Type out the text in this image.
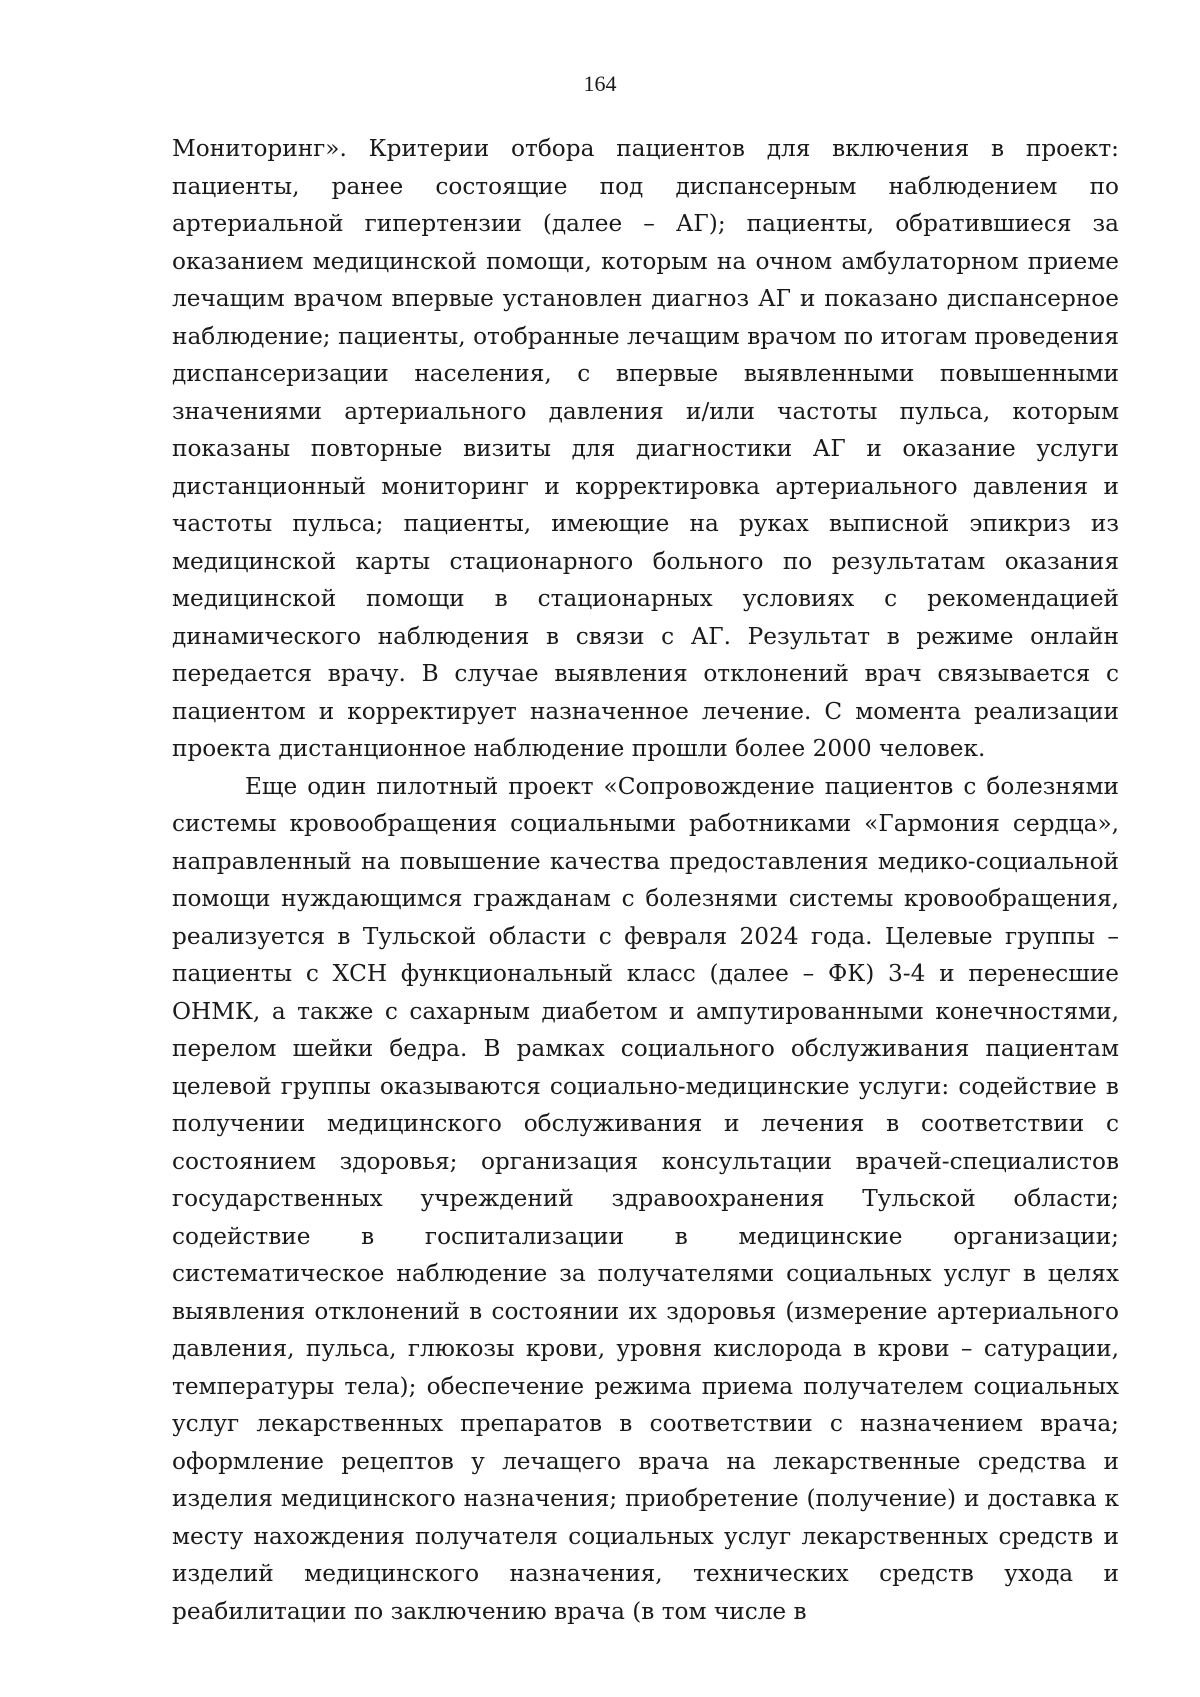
164

Мониторинг». Критерии отбора пациентов для включения в проект: пациенты, ранее состоящие под диспансерным наблюдением по артериальной гипертензии (далее – АГ); пациенты, обратившиеся за оказанием медицинской помощи, которым на очном амбулаторном приеме лечащим врачом впервые установлен диагноз АГ и показано диспансерное наблюдение; пациенты, отобранные лечащим врачом по итогам проведения диспансеризации населения, с впервые выявленными повышенными значениями артериального давления и/или частоты пульса, которым показаны повторные визиты для диагностики АГ и оказание услуги дистанционный мониторинг и корректировка артериального давления и частоты пульса; пациенты, имеющие на руках выписной эпикриз из медицинской карты стационарного больного по результатам оказания медицинской помощи в стационарных условиях с рекомендацией динамического наблюдения в связи с АГ. Результат в режиме онлайн передается врачу. В случае выявления отклонений врач связывается с пациентом и корректирует назначенное лечение. С момента реализации проекта дистанционное наблюдение прошли более 2000 человек.

Еще один пилотный проект «Сопровождение пациентов с болезнями системы кровообращения социальными работниками «Гармония сердца», направленный на повышение качества предоставления медико-социальной помощи нуждающимся гражданам с болезнями системы кровообращения, реализуется в Тульской области с февраля 2024 года. Целевые группы – пациенты с ХСН функциональный класс (далее – ФК) 3-4 и перенесшие ОНМК, а также с сахарным диабетом и ампутированными конечностями, перелом шейки бедра. В рамках социального обслуживания пациентам целевой группы оказываются социально-медицинские услуги: содействие в получении медицинского обслуживания и лечения в соответствии с состоянием здоровья; организация консультации врачей-специалистов государственных учреждений здравоохранения Тульской области; содействие в госпитализации в медицинские организации; систематическое наблюдение за получателями социальных услуг в целях выявления отклонений в состоянии их здоровья (измерение артериального давления, пульса, глюкозы крови, уровня кислорода в крови – сатурации, температуры тела); обеспечение режима приема получателем социальных услуг лекарственных препаратов в соответствии с назначением врача; оформление рецептов у лечащего врача на лекарственные средства и изделия медицинского назначения; приобретение (получение) и доставка к месту нахождения получателя социальных услуг лекарственных средств и изделий медицинского назначения, технических средств ухода и реабилитации по заключению врача (в том числе в
